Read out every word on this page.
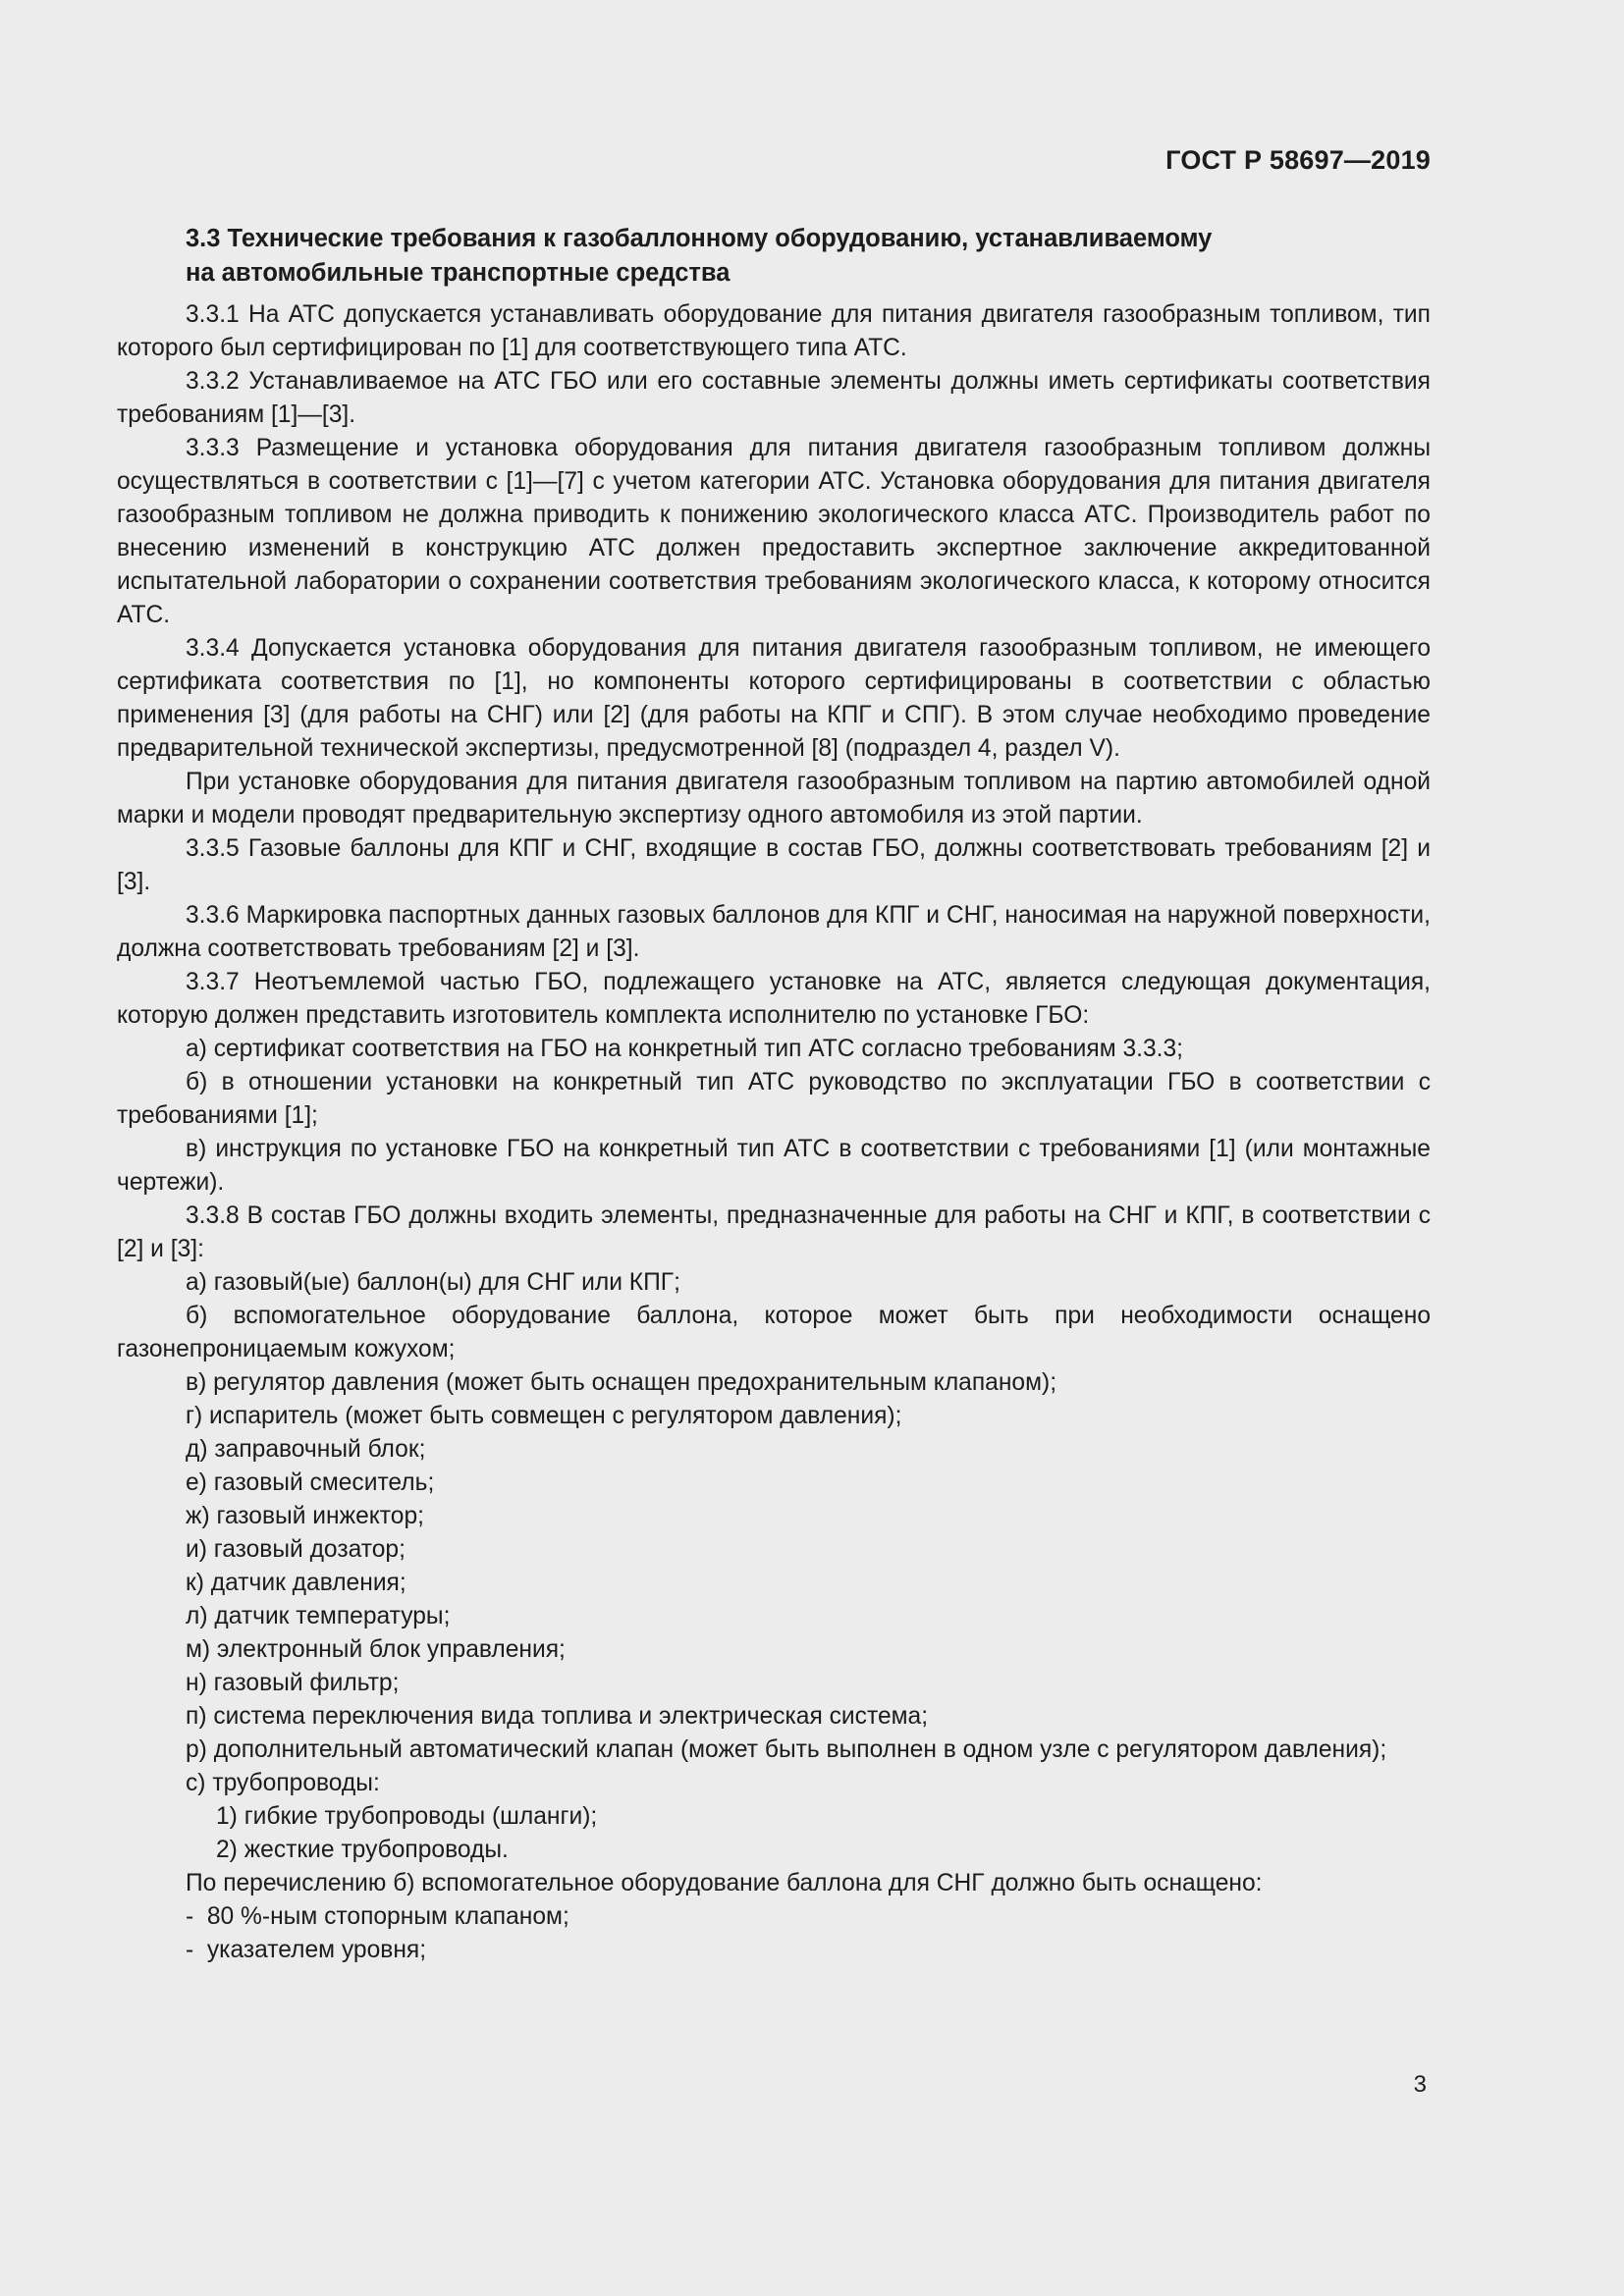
ГОСТ Р 58697—2019
3.3 Технические требования к газобаллонному оборудованию, устанавливаемому
на автомобильные транспортные средства

3.3.1 На АТС допускается устанавливать оборудование для питания двигателя газообразным топливом, тип которого был сертифицирован по [1] для соответствующего типа АТС.

3.3.2 Устанавливаемое на АТС ГБО или его составные элементы должны иметь сертификаты соответствия требованиям [1]—[3].

3.3.3 Размещение и установка оборудования для питания двигателя газообразным топливом должны осуществляться в соответствии с [1]—[7] с учетом категории АТС. Установка оборудования для питания двигателя газообразным топливом не должна приводить к понижению экологического класса АТС. Производитель работ по внесению изменений в конструкцию АТС должен предоставить экспертное заключение аккредитованной испытательной лаборатории о сохранении соответствия требованиям экологического класса, к которому относится АТС.

3.3.4 Допускается установка оборудования для питания двигателя газообразным топливом, не имеющего сертификата соответствия по [1], но компоненты которого сертифицированы в соответствии с областью применения [3] (для работы на СНГ) или [2] (для работы на КПГ и СПГ). В этом случае необходимо проведение предварительной технической экспертизы, предусмотренной [8] (подраздел 4, раздел V).

При установке оборудования для питания двигателя газообразным топливом на партию автомобилей одной марки и модели проводят предварительную экспертизу одного автомобиля из этой партии.

3.3.5 Газовые баллоны для КПГ и СНГ, входящие в состав ГБО, должны соответствовать требованиям [2] и [3].

3.3.6 Маркировка паспортных данных газовых баллонов для КПГ и СНГ, наносимая на наружной поверхности, должна соответствовать требованиям [2] и [3].

3.3.7 Неотъемлемой частью ГБО, подлежащего установке на АТС, является следующая документация, которую должен представить изготовитель комплекта исполнителю по установке ГБО:

а) сертификат соответствия на ГБО на конкретный тип АТС согласно требованиям 3.3.3;

б) в отношении установки на конкретный тип АТС руководство по эксплуатации ГБО в соответствии с требованиями [1];

в) инструкция по установке ГБО на конкретный тип АТС в соответствии с требованиями [1] (или монтажные чертежи).

3.3.8 В состав ГБО должны входить элементы, предназначенные для работы на СНГ и КПГ, в соответствии с [2] и [3]:

а) газовый(ые) баллон(ы) для СНГ или КПГ;

б) вспомогательное оборудование баллона, которое может быть при необходимости оснащено газонепроницаемым кожухом;

в) регулятор давления (может быть оснащен предохранительным клапаном);

г) испаритель (может быть совмещен с регулятором давления);

д) заправочный блок;

е) газовый смеситель;

ж) газовый инжектор;

и) газовый дозатор;

к) датчик давления;

л) датчик температуры;

м) электронный блок управления;

н) газовый фильтр;

п) система переключения вида топлива и электрическая система;

р) дополнительный автоматический клапан (может быть выполнен в одном узле с регулятором давления);

с) трубопроводы:

1) гибкие трубопроводы (шланги);

2) жесткие трубопроводы.

По перечислению б) вспомогательное оборудование баллона для СНГ должно быть оснащено:

-  80 %-ным стопорным клапаном;

-  указателем уровня;

3
